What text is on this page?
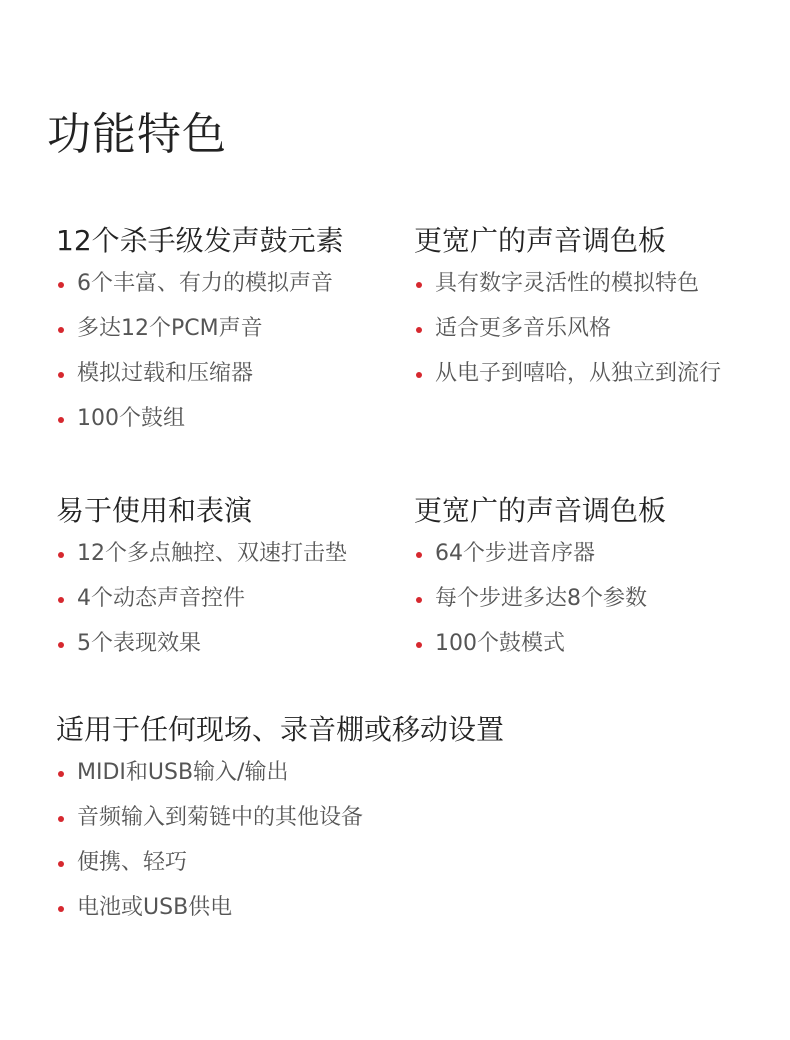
功能特色
12个杀手级发声鼓元素
6个丰富、有力的模拟声音
多达12个PCM声音
模拟过载和压缩器
100个鼓组
更宽广的声音调色板
具有数字灵活性的模拟特色
适合更多音乐风格
从电子到嘻哈，从独立到流行
易于使用和表演
12个多点触控、双速打击垫
4个动态声音控件
5个表现效果
更宽广的声音调色板
64个步进音序器
每个步进多达8个参数
100个鼓模式
适用于任何现场、录音棚或移动设置
MIDI和USB输入/输出
音频输入到菊链中的其他设备
便携、轻巧
电池或USB供电
